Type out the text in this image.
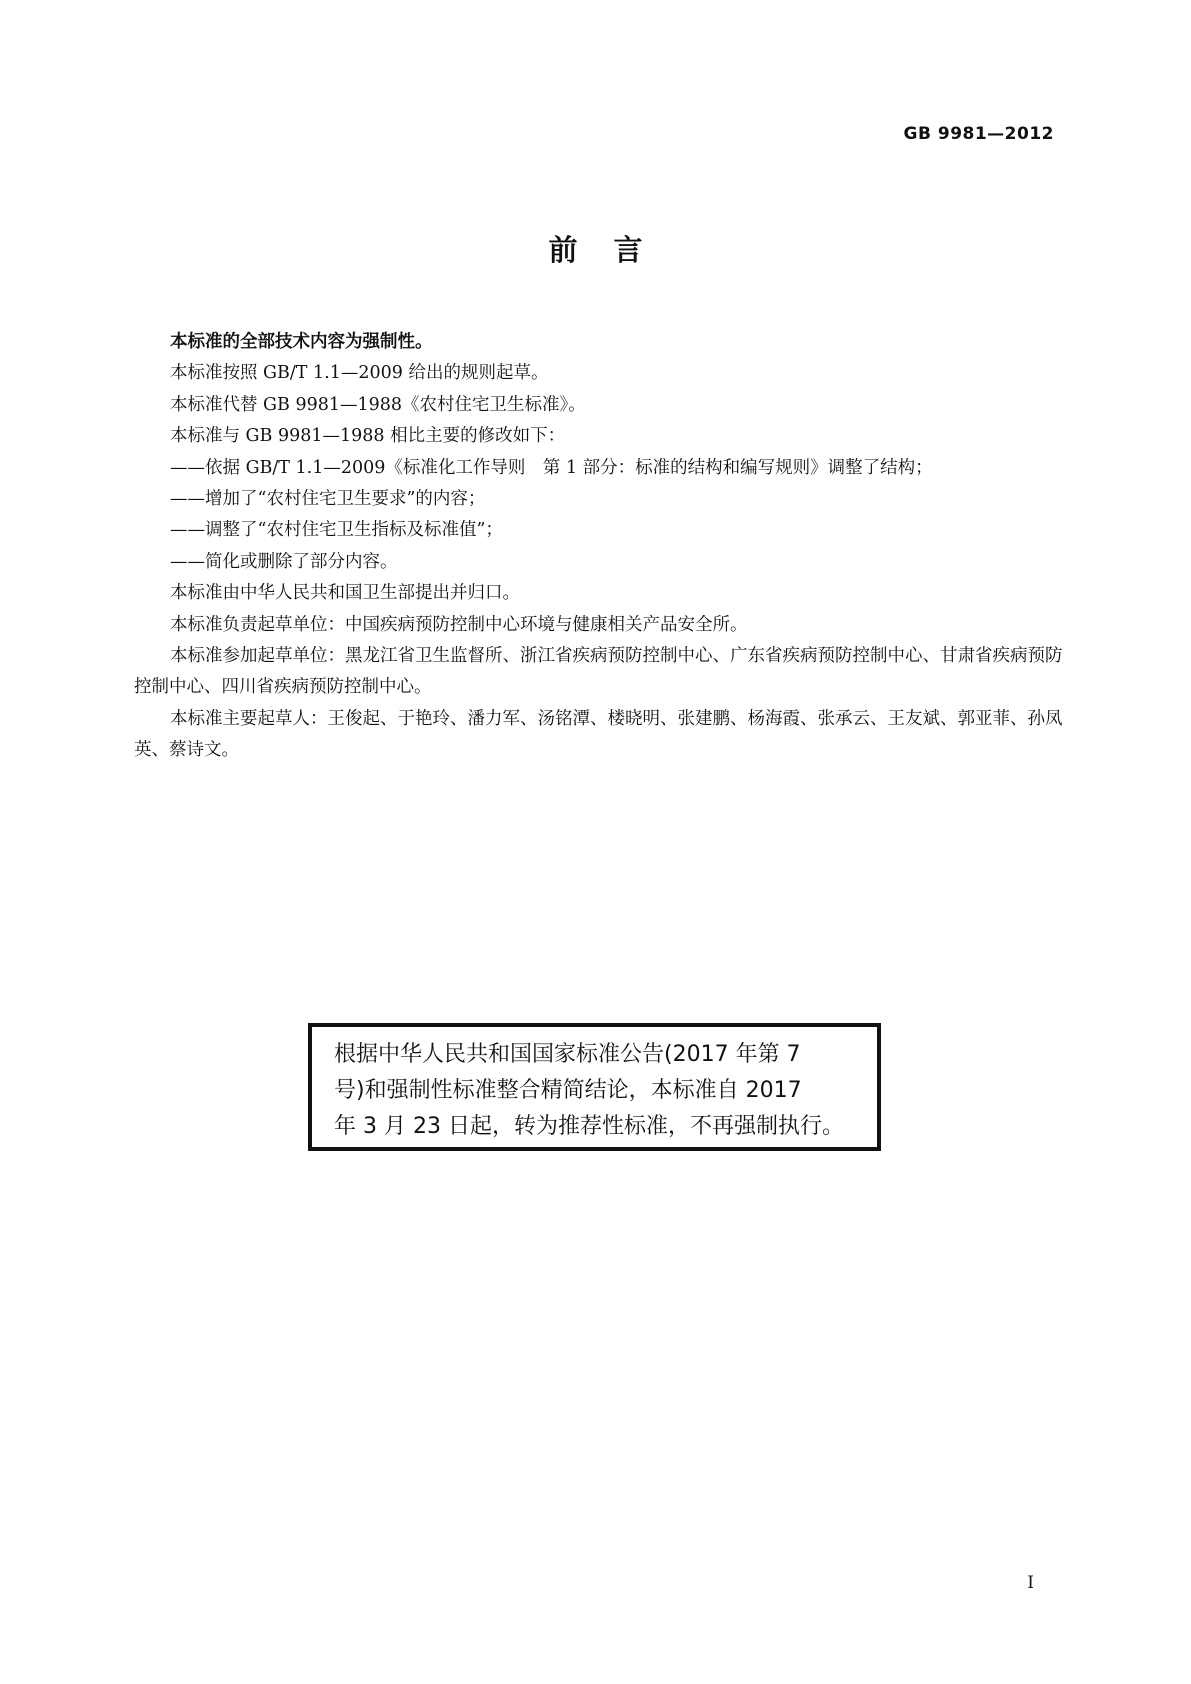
GB 9981—2012
前言

本标准的全部技术内容为强制性。

本标准按照 GB/T 1.1—2009 给出的规则起草。

本标准代替 GB 9981—1988《农村住宅卫生标准》。

本标准与 GB 9981—1988 相比主要的修改如下：

——依据 GB/T 1.1—2009《标准化工作导则　第 1 部分：标准的结构和编写规则》调整了结构；

——增加了“农村住宅卫生要求”的内容；

——调整了“农村住宅卫生指标及标准值”；

——简化或删除了部分内容。

本标准由中华人民共和国卫生部提出并归口。

本标准负责起草单位：中国疾病预防控制中心环境与健康相关产品安全所。

本标准参加起草单位：黑龙江省卫生监督所、浙江省疾病预防控制中心、广东省疾病预防控制中心、甘肃省疾病预防控制中心、四川省疾病预防控制中心。

本标准主要起草人：王俊起、于艳玲、潘力军、汤铭潭、楼晓明、张建鹏、杨海霞、张承云、王友斌、郭亚菲、孙凤英、蔡诗文。

根据中华人民共和国国家标准公告(2017 年第 7

号)和强制性标准整合精简结论，本标准自 2017

年 3 月 23 日起，转为推荐性标准，不再强制执行。

I
